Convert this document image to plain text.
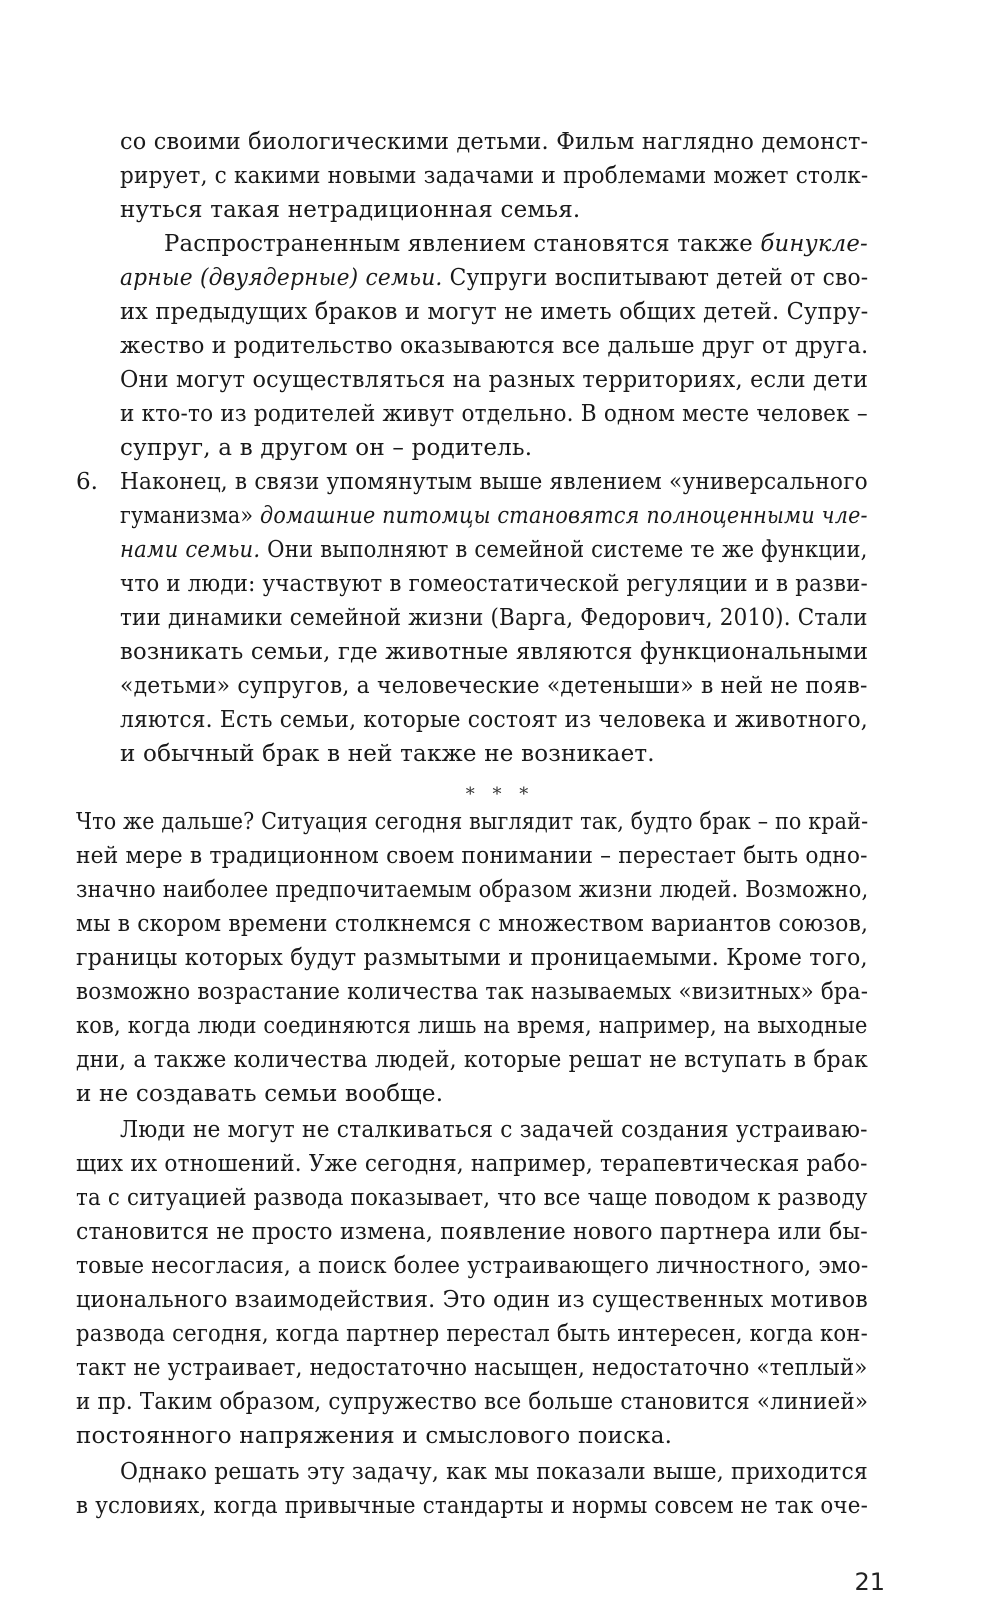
со своими биологическими детьми. Фильм наглядно демонст-
рирует, с какими новыми задачами и проблемами может столк-
нуться такая нетрадиционная семья.
Распространенным явлением становятся также бинукле-
арные (двуядерные) семьи. Супруги воспитывают детей от сво-
их предыдущих браков и могут не иметь общих детей. Супру-
жество и родительство оказываются все дальше друг от друга.
Они могут осуществляться на разных территориях, если дети
и кто-то из родителей живут отдельно. В одном месте человек –
супруг, а в другом он – родитель.
6. Наконец, в связи упомянутым выше явлением «универсального
гуманизма» домашние питомцы становятся полноценными чле-
нами семьи. Они выполняют в семейной системе те же функции,
что и люди: участвуют в гомеостатической регуляции и в разви-
тии динамики семейной жизни (Варга, Федорович, 2010). Стали
возникать семьи, где животные являются функциональными
«детьми» супругов, а человеческие «детеныши» в ней не появ-
ляются. Есть семьи, которые состоят из человека и животного,
и обычный брак в ней также не возникает.
* * *
Что же дальше? Ситуация сегодня выглядит так, будто брак – по край-
ней мере в традиционном своем понимании – перестает быть одно-
значно наиболее предпочитаемым образом жизни людей. Возможно,
мы в скором времени столкнемся с множеством вариантов союзов,
границы которых будут размытыми и проницаемыми. Кроме того,
возможно возрастание количества так называемых «визитных» бра-
ков, когда люди соединяются лишь на время, например, на выходные
дни, а также количества людей, которые решат не вступать в брак
и не создавать семьи вообще.
Люди не могут не сталкиваться с задачей создания устраиваю-
щих их отношений. Уже сегодня, например, терапевтическая рабо-
та с ситуацией развода показывает, что все чаще поводом к разводу
становится не просто измена, появление нового партнера или бы-
товые несогласия, а поиск более устраивающего личностного, эмо-
ционального взаимодействия. Это один из существенных мотивов
развода сегодня, когда партнер перестал быть интересен, когда кон-
такт не устраивает, недостаточно насыщен, недостаточно «теплый»
и пр. Таким образом, супружество все больше становится «линией»
постоянного напряжения и смыслового поиска.
Однако решать эту задачу, как мы показали выше, приходится
в условиях, когда привычные стандарты и нормы совсем не так оче-
21
